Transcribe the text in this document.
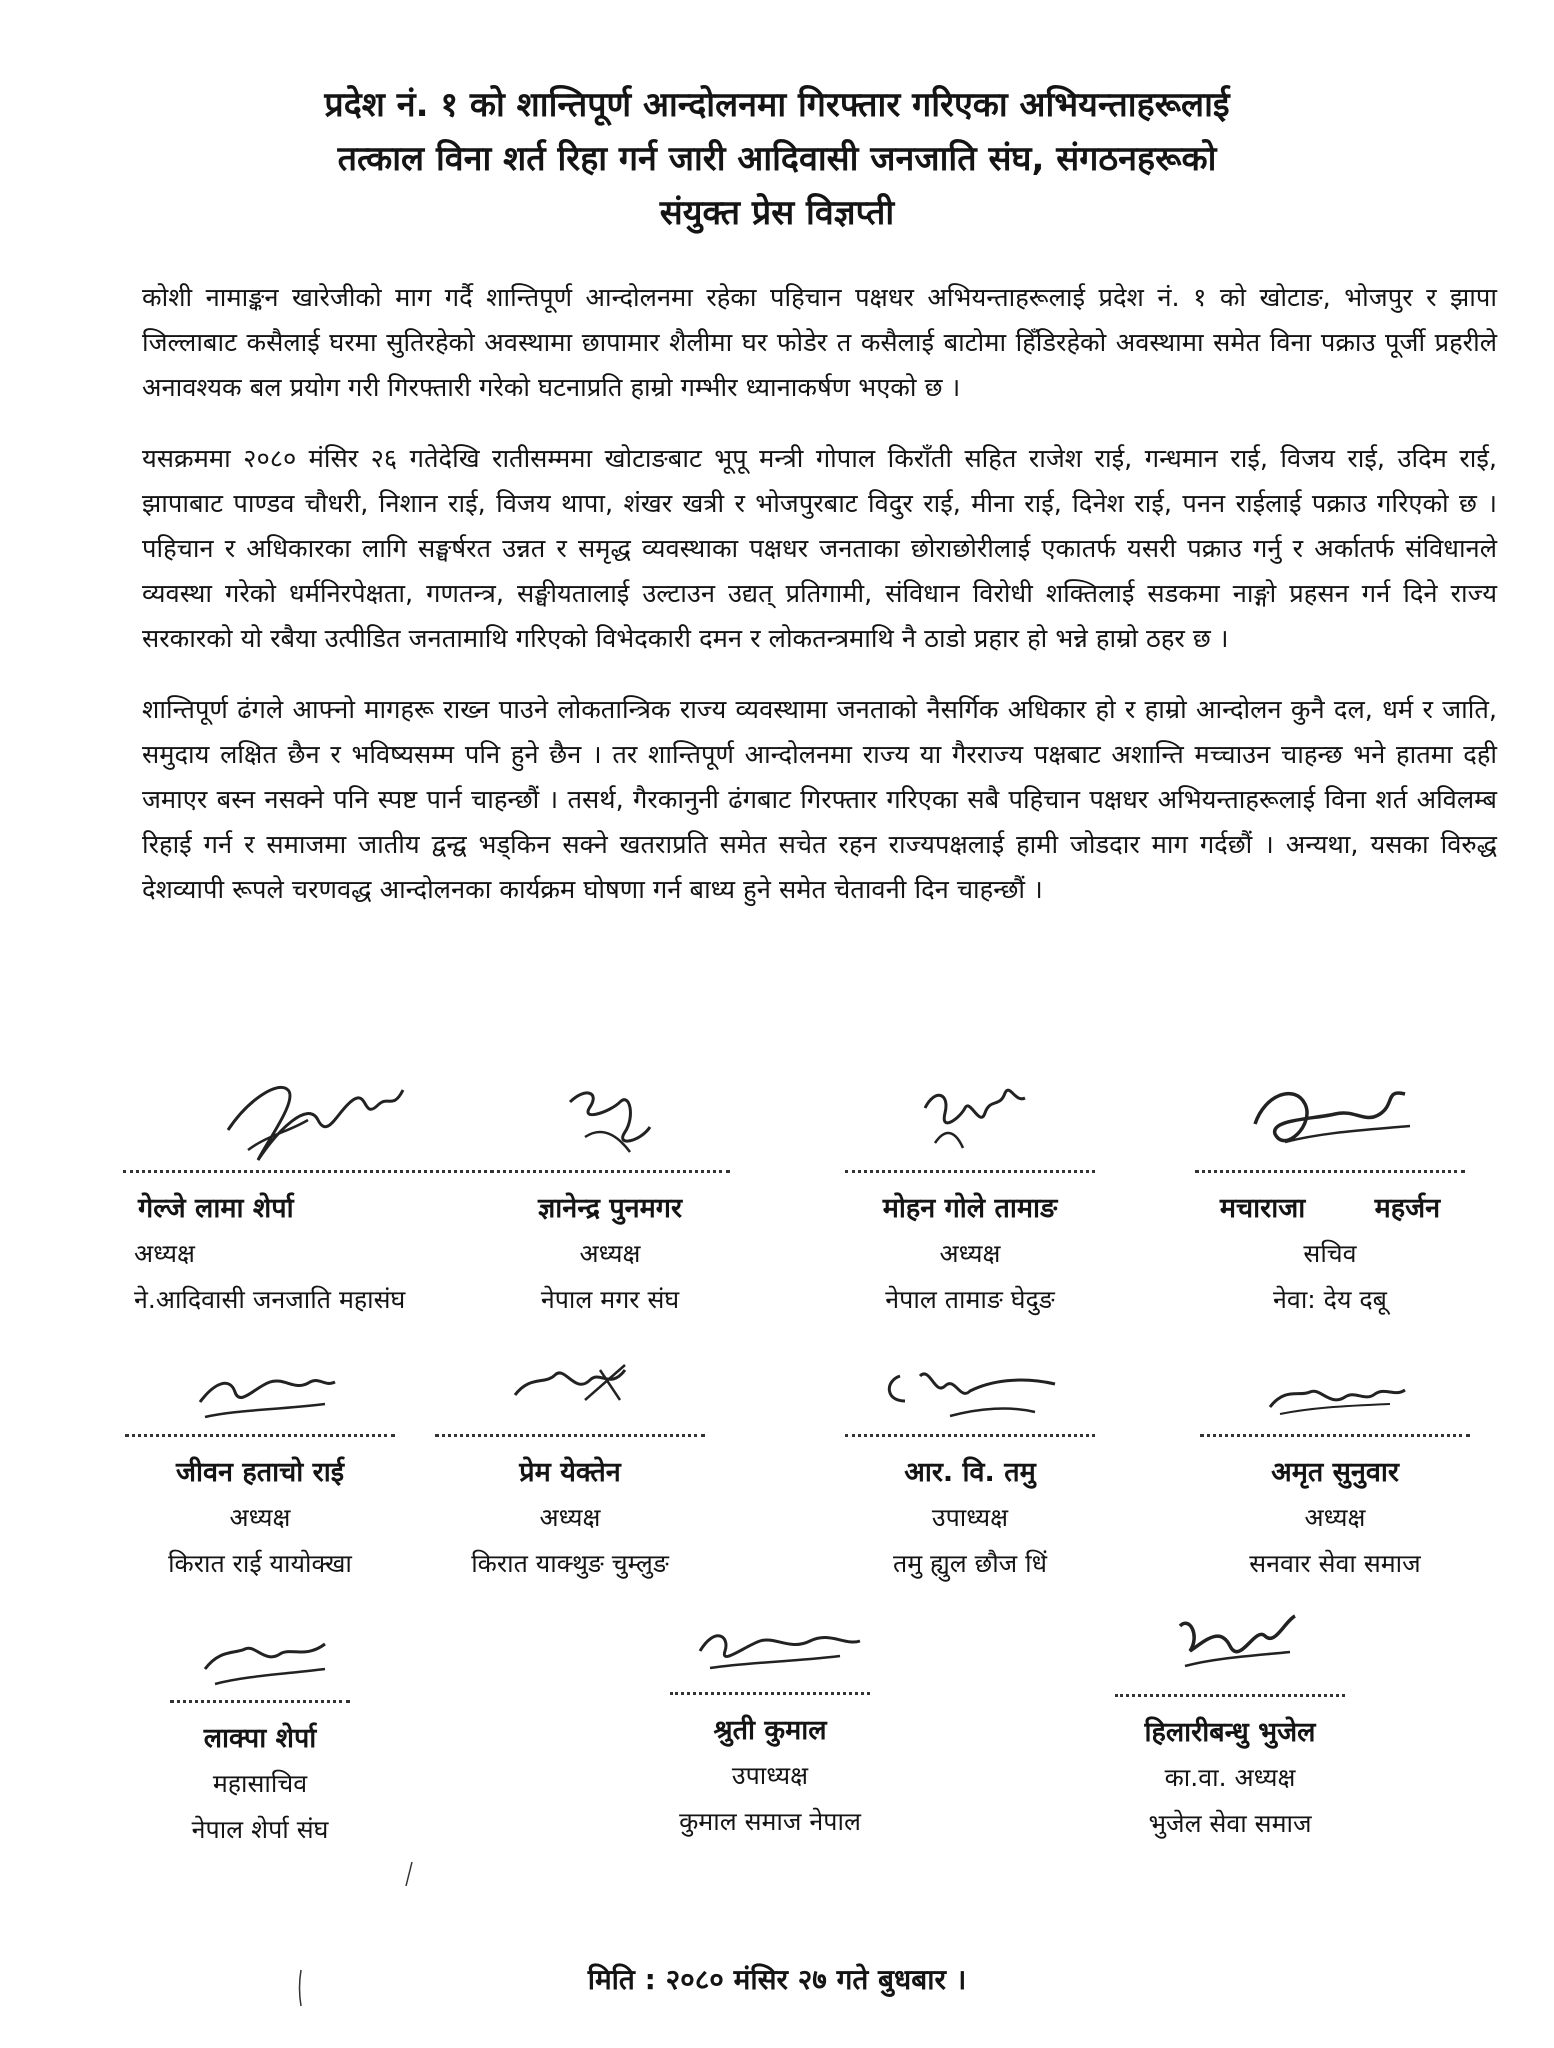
प्रदेश नं. १ को शान्तिपूर्ण आन्दोलनमा गिरफ्तार गरिएका अभियन्ताहरूलाई
तत्काल विना शर्त रिहा गर्न जारी आदिवासी जनजाति संघ, संगठनहरूको
संयुक्त प्रेस विज्ञप्ती

कोशी नामाङ्कन खारेजीको माग गर्दै शान्तिपूर्ण आन्दोलनमा रहेका पहिचान पक्षधर अभियन्ताहरूलाई प्रदेश नं. १ को खोटाङ, भोजपुर र झापा जिल्लाबाट कसैलाई घरमा सुतिरहेको अवस्थामा छापामार शैलीमा घर फोडेर त कसैलाई बाटोमा हिँडिरहेको अवस्थामा समेत विना पक्राउ पूर्जी प्रहरीले अनावश्यक बल प्रयोग गरी गिरफ्तारी गरेको घटनाप्रति हाम्रो गम्भीर ध्यानाकर्षण भएको छ ।

यसक्रममा २०८० मंसिर २६ गतेदेखि रातीसम्ममा खोटाङबाट भूपू मन्त्री गोपाल किराँती सहित राजेश राई, गन्धमान राई, विजय राई, उदिम राई, झापाबाट पाण्डव चौधरी, निशान राई, विजय थापा, शंखर खत्री र भोजपुरबाट विदुर राई, मीना राई, दिनेश राई, पनन राईलाई पक्राउ गरिएको छ । पहिचान र अधिकारका लागि सङ्घर्षरत उन्नत र समृद्ध व्यवस्थाका पक्षधर जनताका छोराछोरीलाई एकातर्फ यसरी पक्राउ गर्नु र अर्कातर्फ संविधानले व्यवस्था गरेको धर्मनिरपेक्षता, गणतन्त्र, सङ्घीयतालाई उल्टाउन उद्यत् प्रतिगामी, संविधान विरोधी शक्तिलाई सडकमा नाङ्गो प्रहसन गर्न दिने राज्य सरकारको यो रबैया उत्पीडित जनतामाथि गरिएको विभेदकारी दमन र लोकतन्त्रमाथि नै ठाडो प्रहार हो भन्ने हाम्रो ठहर छ ।

शान्तिपूर्ण ढंगले आफ्नो मागहरू राख्न पाउने लोकतान्त्रिक राज्य व्यवस्थामा जनताको नैसर्गिक अधिकार हो र हाम्रो आन्दोलन कुनै दल, धर्म र जाति, समुदाय लक्षित छैन र भविष्यसम्म पनि हुने छैन । तर शान्तिपूर्ण आन्दोलनमा राज्य या गैरराज्य पक्षबाट अशान्ति मच्चाउन चाहन्छ भने हातमा दही जमाएर बस्न नसक्ने पनि स्पष्ट पार्न चाहन्छौं । तसर्थ, गैरकानुनी ढंगबाट गिरफ्तार गरिएका सबै पहिचान पक्षधर अभियन्ताहरूलाई विना शर्त अविलम्ब रिहाई गर्न र समाजमा जातीय द्वन्द्व भड्किन सक्ने खतराप्रति समेत सचेत रहन राज्यपक्षलाई हामी जोडदार माग गर्दछौं । अन्यथा, यसका विरुद्ध देशव्यापी रूपले चरणवद्ध आन्दोलनका कार्यक्रम घोषणा गर्न बाध्य हुने समेत चेतावनी दिन चाहन्छौं ।

गेल्जे लामा शेर्पा
अध्यक्ष
ने.आदिवासी जनजाति महासंघ
ज्ञानेन्द्र पुनमगर
अध्यक्ष
नेपाल मगर संघ
मोहन गोले तामाङ
अध्यक्ष
नेपाल तामाङ घेदुङ
मचाराजा महर्जन
सचिव
नेवा: देय दबू
जीवन हताचो राई
अध्यक्ष
किरात राई यायोक्खा
प्रेम येक्तेन
अध्यक्ष
किरात याक्थुङ चुम्लुङ
आर. वि. तमु
उपाध्यक्ष
तमु ह्युल छौज धिं
अमृत सुनुवार
अध्यक्ष
सनवार सेवा समाज
लाक्पा शेर्पा
महासाचिव
नेपाल शेर्पा संघ
श्रुती कुमाल
उपाध्यक्ष
कुमाल समाज नेपाल
हिलारीबन्धु भुजेल
का.वा. अध्यक्ष
भुजेल सेवा समाज
मिति : २०८० मंसिर २७ गते बुधबार ।
